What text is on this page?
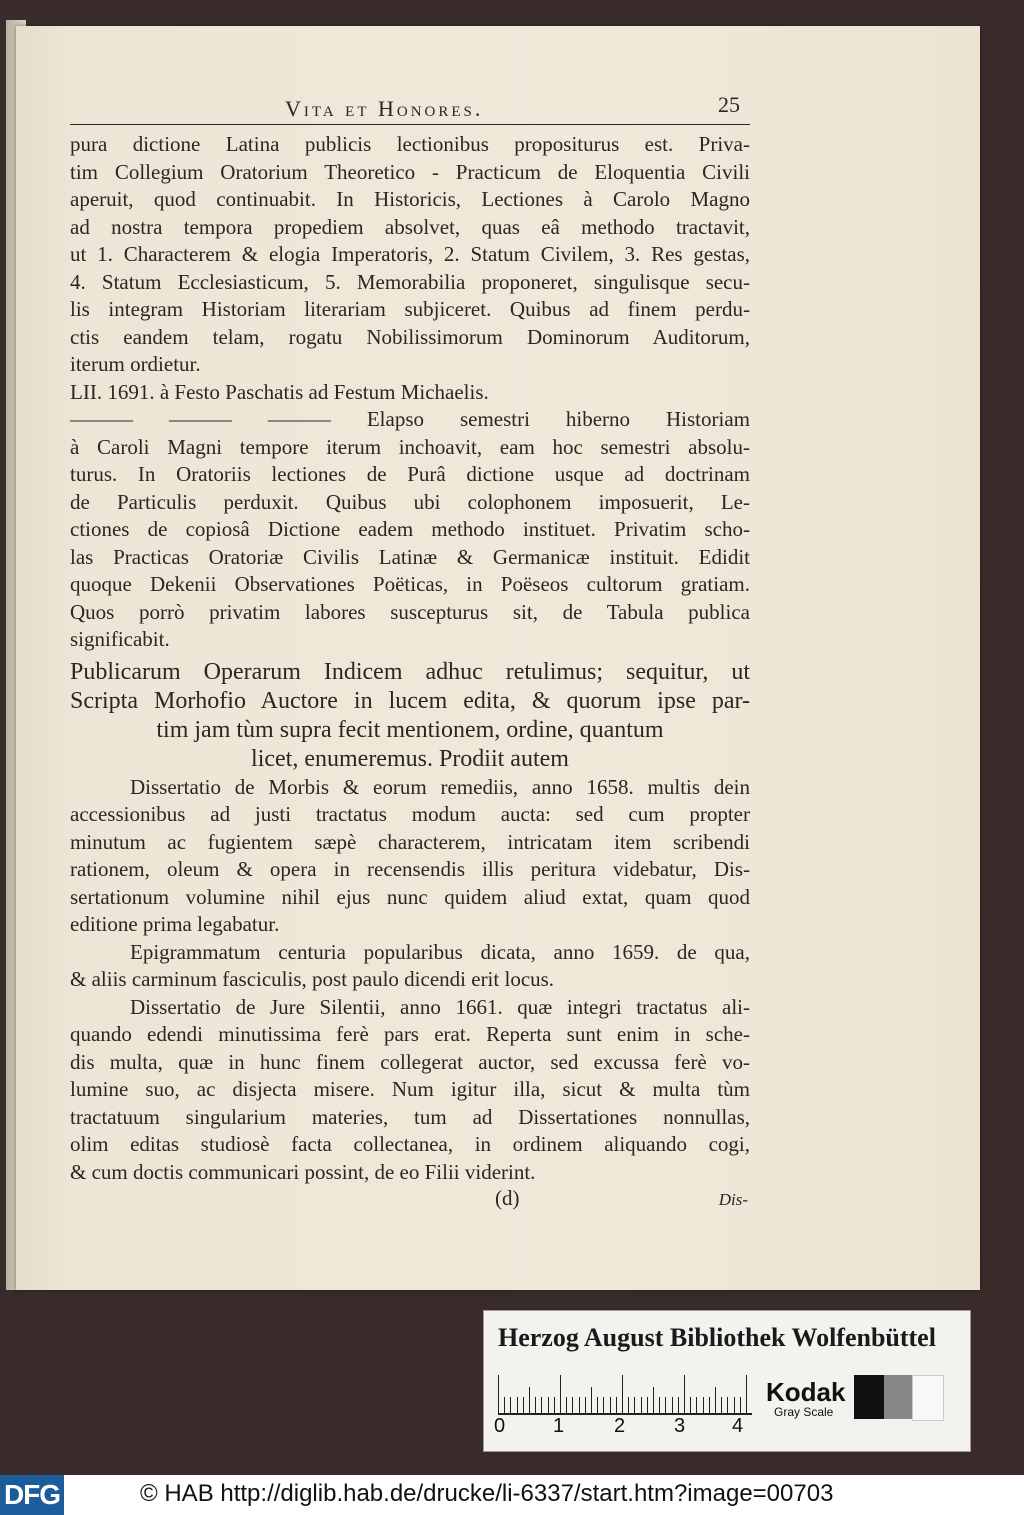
Vita et Honores.	25
pura dictione Latina publicis lectionibus propositurus est. Priva-
tim Collegium Oratorium Theoretico - Practicum de Eloquentia Civili
aperuit, quod continuabit. In Historicis, Lectiones à Carolo Magno
ad nostra tempora propediem absolvet, quas eâ methodo tractavit,
ut 1. Characterem & elogia Imperatoris, 2. Statum Civilem, 3. Res gestas,
4. Statum Ecclesiasticum, 5. Memorabilia proponeret, singulisque secu-
lis integram Historiam literariam subjiceret. Quibus ad finem perdu-
ctis eandem telam, rogatu Nobilissimorum Dominorum Auditorum,
iterum ordietur.
LII. 1691. à Festo Paschatis ad Festum Michaelis.
——— ——— ——— Elapso semestri hiberno Historiam
à Caroli Magni tempore iterum inchoavit, eam hoc semestri absolu-
turus. In Oratoriis lectiones de Purâ dictione usque ad doctrinam
de Particulis perduxit. Quibus ubi colophonem imposuerit, Le-
ctiones de copiosâ Dictione eadem methodo instituet. Privatim scho-
las Practicas Oratoriæ Civilis Latinæ & Germanicæ instituit. Edidit
quoque Dekenii Observationes Poëticas, in Poëseos cultorum gratiam.
Quos porrò privatim labores suscepturus sit, de Tabula publica
significabit.
Publicarum Operarum Indicem adhuc retulimus; sequitur, ut
Scripta Morhofio Auctore in lucem edita, & quorum ipse par-
tim jam tùm supra fecit mentionem, ordine, quantum
licet, enumeremus. Prodiit autem
Dissertatio de Morbis & eorum remediis, anno 1658. multis dein
accessionibus ad justi tractatus modum aucta: sed cum propter
minutum ac fugientem sæpè characterem, intricatam item scribendi
rationem, oleum & opera in recensendis illis peritura videbatur, Dis-
sertationum volumine nihil ejus nunc quidem aliud extat, quam quod
editione prima legabatur.
Epigrammatum centuria popularibus dicata, anno 1659. de qua,
& aliis carminum fasciculis, post paulo dicendi erit locus.
Dissertatio de Jure Silentii, anno 1661. quæ integri tractatus ali-
quando edendi minutissima ferè pars erat. Reperta sunt enim in sche-
dis multa, quæ in hunc finem collegerat auctor, sed excussa ferè vo-
lumine suo, ac disjecta misere. Num igitur illa, sicut & multa tùm
tractatuum singularium materies, tum ad Dissertationes nonnullas,
olim editas studiosè facta collectanea, in ordinem aliquando cogi,
& cum doctis communicari possint, de eo Filii viderint.
(d)	Dis-
Herzog August Bibliothek Wolfenbüttel
0 1 2 3 4
Kodak
Gray Scale
DFG	© HAB http://diglib.hab.de/drucke/li-6337/start.htm?image=00703
